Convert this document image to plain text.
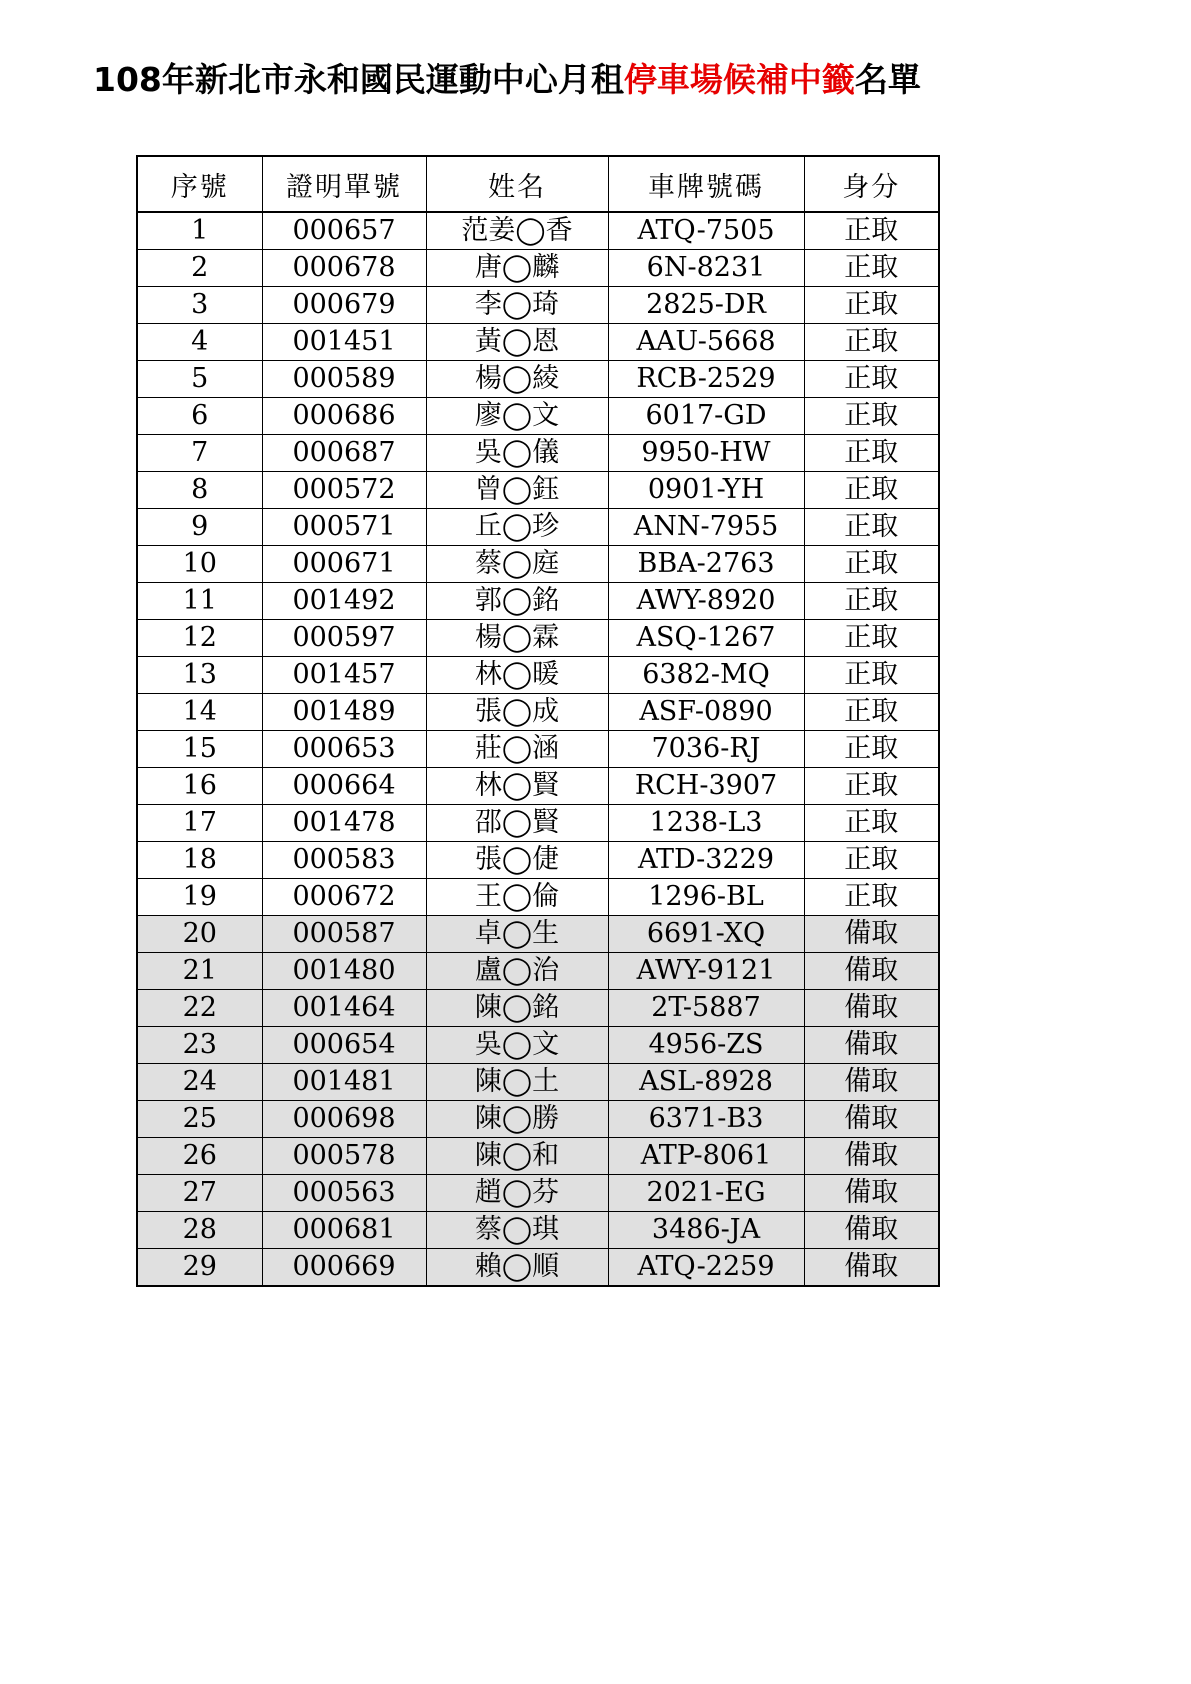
108年新北市永和國民運動中心月租停車場候補中籤名單
序號	證明單號	姓名	車牌號碼	身分
1	000657	范姜◯香	ATQ-7505	正取
2	000678	唐◯麟	6N-8231	正取
3	000679	李◯琦	2825-DR	正取
4	001451	黃◯恩	AAU-5668	正取
5	000589	楊◯綾	RCB-2529	正取
6	000686	廖◯文	6017-GD	正取
7	000687	吳◯儀	9950-HW	正取
8	000572	曾◯鈺	0901-YH	正取
9	000571	丘◯珍	ANN-7955	正取
10	000671	蔡◯庭	BBA-2763	正取
11	001492	郭◯銘	AWY-8920	正取
12	000597	楊◯霖	ASQ-1267	正取
13	001457	林◯暖	6382-MQ	正取
14	001489	張◯成	ASF-0890	正取
15	000653	莊◯涵	7036-RJ	正取
16	000664	林◯賢	RCH-3907	正取
17	001478	邵◯賢	1238-L3	正取
18	000583	張◯倢	ATD-3229	正取
19	000672	王◯倫	1296-BL	正取
20	000587	卓◯生	6691-XQ	備取
21	001480	盧◯治	AWY-9121	備取
22	001464	陳◯銘	2T-5887	備取
23	000654	吳◯文	4956-ZS	備取
24	001481	陳◯土	ASL-8928	備取
25	000698	陳◯勝	6371-B3	備取
26	000578	陳◯和	ATP-8061	備取
27	000563	趙◯芬	2021-EG	備取
28	000681	蔡◯琪	3486-JA	備取
29	000669	賴◯順	ATQ-2259	備取
